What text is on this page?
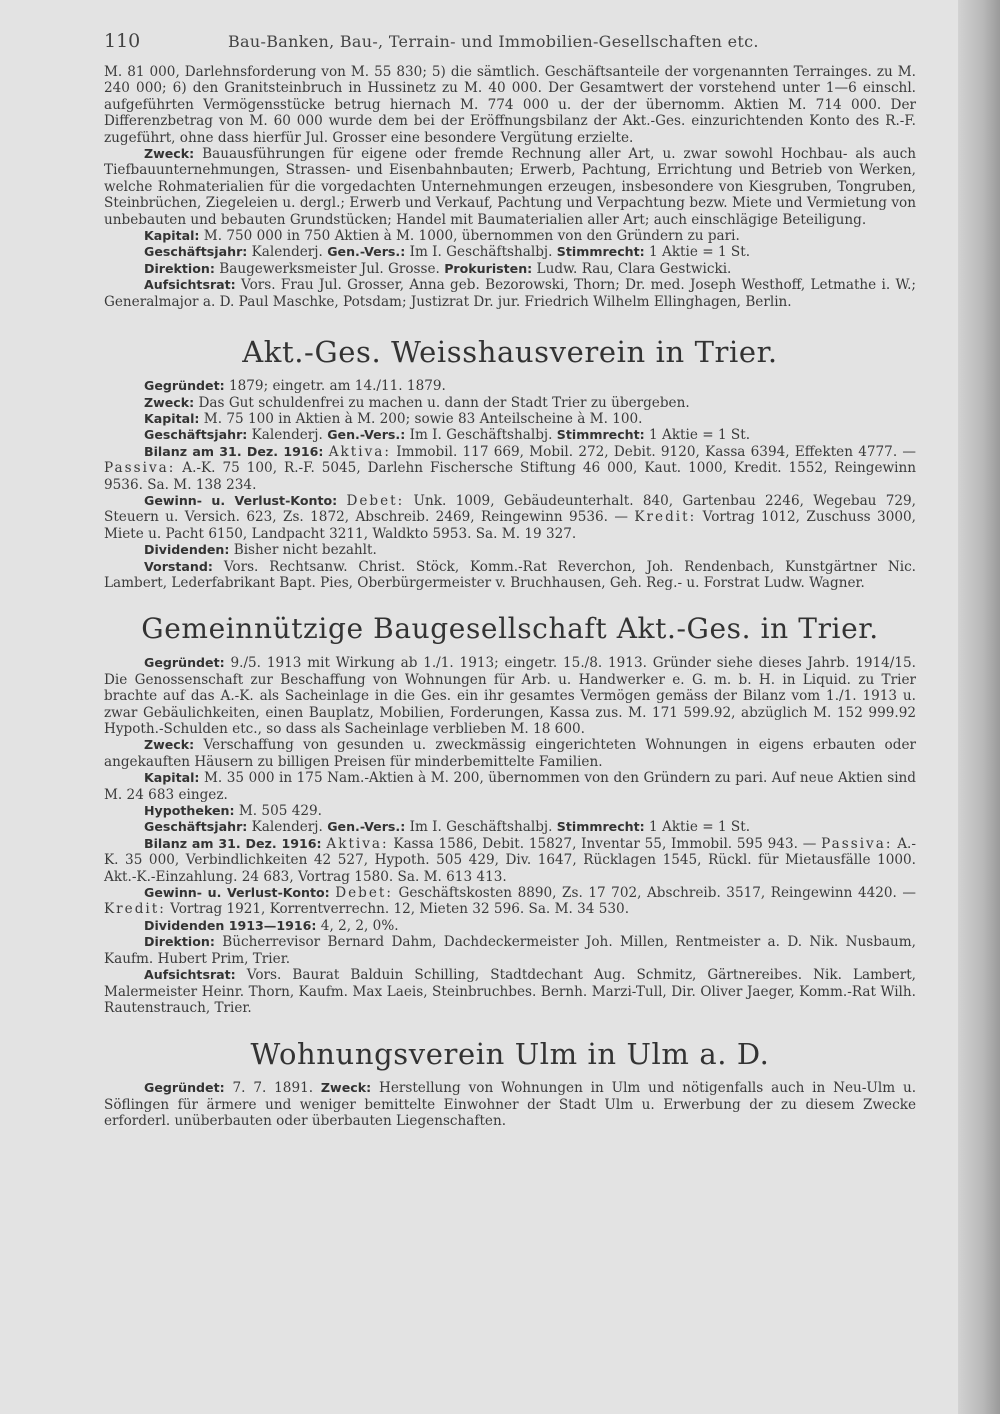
110	Bau-Banken, Bau-, Terrain- und Immobilien-Gesellschaften etc.

M. 81 000, Darlehnsforderung von M. 55 830; 5) die sämtlich. Geschäftsanteile der vorgenannten Terrainges. zu M. 240 000; 6) den Granitsteinbruch in Hussinetz zu M. 40 000. Der Gesamtwert der vorstehend unter 1—6 einschl. aufgeführten Vermögensstücke betrug hiernach M. 774 000 u. der der übernomm. Aktien M. 714 000. Der Differenzbetrag von M. 60 000 wurde dem bei der Eröffnungsbilanz der Akt.-Ges. einzurichtenden Konto des R.-F. zugeführt, ohne dass hierfür Jul. Grosser eine besondere Vergütung erzielte.

Zweck: Bauausführungen für eigene oder fremde Rechnung aller Art, u. zwar sowohl Hochbau- als auch Tiefbauunternehmungen, Strassen- und Eisenbahnbauten; Erwerb, Pachtung, Errichtung und Betrieb von Werken, welche Rohmaterialien für die vorgedachten Unternehmungen erzeugen, insbesondere von Kiesgruben, Tongruben, Steinbrüchen, Ziegeleien u. dergl.; Erwerb und Verkauf, Pachtung und Verpachtung bezw. Miete und Vermietung von unbebauten und bebauten Grundstücken; Handel mit Baumaterialien aller Art; auch einschlägige Beteiligung.

Kapital: M. 750 000 in 750 Aktien à M. 1000, übernommen von den Gründern zu pari.

Geschäftsjahr: Kalenderj. Gen.-Vers.: Im I. Geschäftshalbj. Stimmrecht: 1 Aktie = 1 St.

Direktion: Baugewerksmeister Jul. Grosse. Prokuristen: Ludw. Rau, Clara Gestwicki.

Aufsichtsrat: Vors. Frau Jul. Grosser, Anna geb. Bezorowski, Thorn; Dr. med. Joseph Westhoff, Letmathe i. W.; Generalmajor a. D. Paul Maschke, Potsdam; Justizrat Dr. jur. Friedrich Wilhelm Ellinghagen, Berlin.

Akt.-Ges. Weisshausverein in Trier.

Gegründet: 1879; eingetr. am 14./11. 1879.

Zweck: Das Gut schuldenfrei zu machen u. dann der Stadt Trier zu übergeben.

Kapital: M. 75 100 in Aktien à M. 200; sowie 83 Anteilscheine à M. 100.

Geschäftsjahr: Kalenderj. Gen.-Vers.: Im I. Geschäftshalbj. Stimmrecht: 1 Aktie = 1 St.

Bilanz am 31. Dez. 1916: Aktiva: Immobil. 117 669, Mobil. 272, Debit. 9120, Kassa 6394, Effekten 4777. — Passiva: A.-K. 75 100, R.-F. 5045, Darlehn Fischersche Stiftung 46 000, Kaut. 1000, Kredit. 1552, Reingewinn 9536. Sa. M. 138 234.

Gewinn- u. Verlust-Konto: Debet: Unk. 1009, Gebäudeunterhalt. 840, Gartenbau 2246, Wegebau 729, Steuern u. Versich. 623, Zs. 1872, Abschreib. 2469, Reingewinn 9536. — Kredit: Vortrag 1012, Zuschuss 3000, Miete u. Pacht 6150, Landpacht 3211, Waldkto 5953. Sa. M. 19 327.

Dividenden: Bisher nicht bezahlt.

Vorstand: Vors. Rechtsanw. Christ. Stöck, Komm.-Rat Reverchon, Joh. Rendenbach, Kunstgärtner Nic. Lambert, Lederfabrikant Bapt. Pies, Oberbürgermeister v. Bruchhausen, Geh. Reg.- u. Forstrat Ludw. Wagner.

Gemeinnützige Baugesellschaft Akt.-Ges. in Trier.

Gegründet: 9./5. 1913 mit Wirkung ab 1./1. 1913; eingetr. 15./8. 1913. Gründer siehe dieses Jahrb. 1914/15. Die Genossenschaft zur Beschaffung von Wohnungen für Arb. u. Handwerker e. G. m. b. H. in Liquid. zu Trier brachte auf das A.-K. als Sacheinlage in die Ges. ein ihr gesamtes Vermögen gemäss der Bilanz vom 1./1. 1913 u. zwar Gebäulichkeiten, einen Bauplatz, Mobilien, Forderungen, Kassa zus. M. 171 599.92, abzüglich M. 152 999.92 Hypoth.-Schulden etc., so dass als Sacheinlage verblieben M. 18 600.

Zweck: Verschaffung von gesunden u. zweckmässig eingerichteten Wohnungen in eigens erbauten oder angekauften Häusern zu billigen Preisen für minderbemittelte Familien.

Kapital: M. 35 000 in 175 Nam.-Aktien à M. 200, übernommen von den Gründern zu pari. Auf neue Aktien sind M. 24 683 eingez.

Hypotheken: M. 505 429.

Geschäftsjahr: Kalenderj. Gen.-Vers.: Im I. Geschäftshalbj. Stimmrecht: 1 Aktie = 1 St.

Bilanz am 31. Dez. 1916: Aktiva: Kassa 1586, Debit. 15827, Inventar 55, Immobil. 595 943. — Passiva: A.-K. 35 000, Verbindlichkeiten 42 527, Hypoth. 505 429, Div. 1647, Rücklagen 1545, Rückl. für Mietausfälle 1000. Akt.-K.-Einzahlung. 24 683, Vortrag 1580. Sa. M. 613 413.

Gewinn- u. Verlust-Konto: Debet: Geschäftskosten 8890, Zs. 17 702, Abschreib. 3517, Reingewinn 4420. — Kredit: Vortrag 1921, Korrentverrechn. 12, Mieten 32 596. Sa. M. 34 530.

Dividenden 1913—1916: 4, 2, 2, 0%.

Direktion: Bücherrevisor Bernard Dahm, Dachdeckermeister Joh. Millen, Rentmeister a. D. Nik. Nusbaum, Kaufm. Hubert Prim, Trier.

Aufsichtsrat: Vors. Baurat Balduin Schilling, Stadtdechant Aug. Schmitz, Gärtnereibes. Nik. Lambert, Malermeister Heinr. Thorn, Kaufm. Max Laeis, Steinbruchbes. Bernh. Marzi-Tull, Dir. Oliver Jaeger, Komm.-Rat Wilh. Rautenstrauch, Trier.

Wohnungsverein Ulm in Ulm a. D.

Gegründet: 7. 7. 1891. Zweck: Herstellung von Wohnungen in Ulm und nötigenfalls auch in Neu-Ulm u. Söflingen für ärmere und weniger bemittelte Einwohner der Stadt Ulm u. Erwerbung der zu diesem Zwecke erforderl. unüberbauten oder überbauten Liegenschaften.
